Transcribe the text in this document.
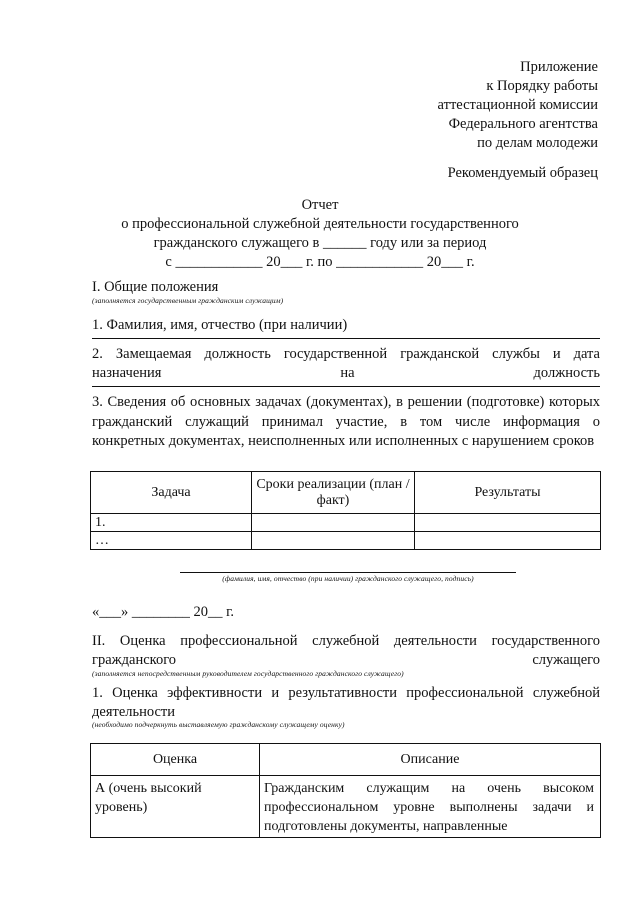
Приложение
к Порядку работы
аттестационной комиссии
Федерального агентства
по делам молодежи
Рекомендуемый образец
Отчет
о профессиональной служебной деятельности государственного
гражданского служащего в ______ году или за период
с ____________ 20___ г. по ____________ 20___ г.
I. Общие положения
(заполняется государственным гражданским служащим)
1. Фамилия, имя, отчество (при наличии)
2. Замещаемая должность государственной гражданской службы и дата назначения на должность
3. Сведения об основных задачах (документах), в решении (подготовке) которых гражданский служащий принимал участие, в том числе информация о конкретных документах, неисполненных или исполненных с нарушением сроков
Задача	Сроки реализации (план / факт)	Результаты
1.		
…		
(фамилия, имя, отчество (при наличии) гражданского служащего, подпись)
«___» ________ 20__ г.
II. Оценка профессиональной служебной деятельности государственного гражданского служащего
(заполняется непосредственным руководителем государственного гражданского служащего)
1. Оценка эффективности и результативности профессиональной служебной деятельности
(необходимо подчеркнуть выставляемую гражданскому служащему оценку)
Оценка	Описание
А (очень высокий уровень)	Гражданским служащим на очень высоком профессиональном уровне выполнены задачи и подготовлены документы, направленные
